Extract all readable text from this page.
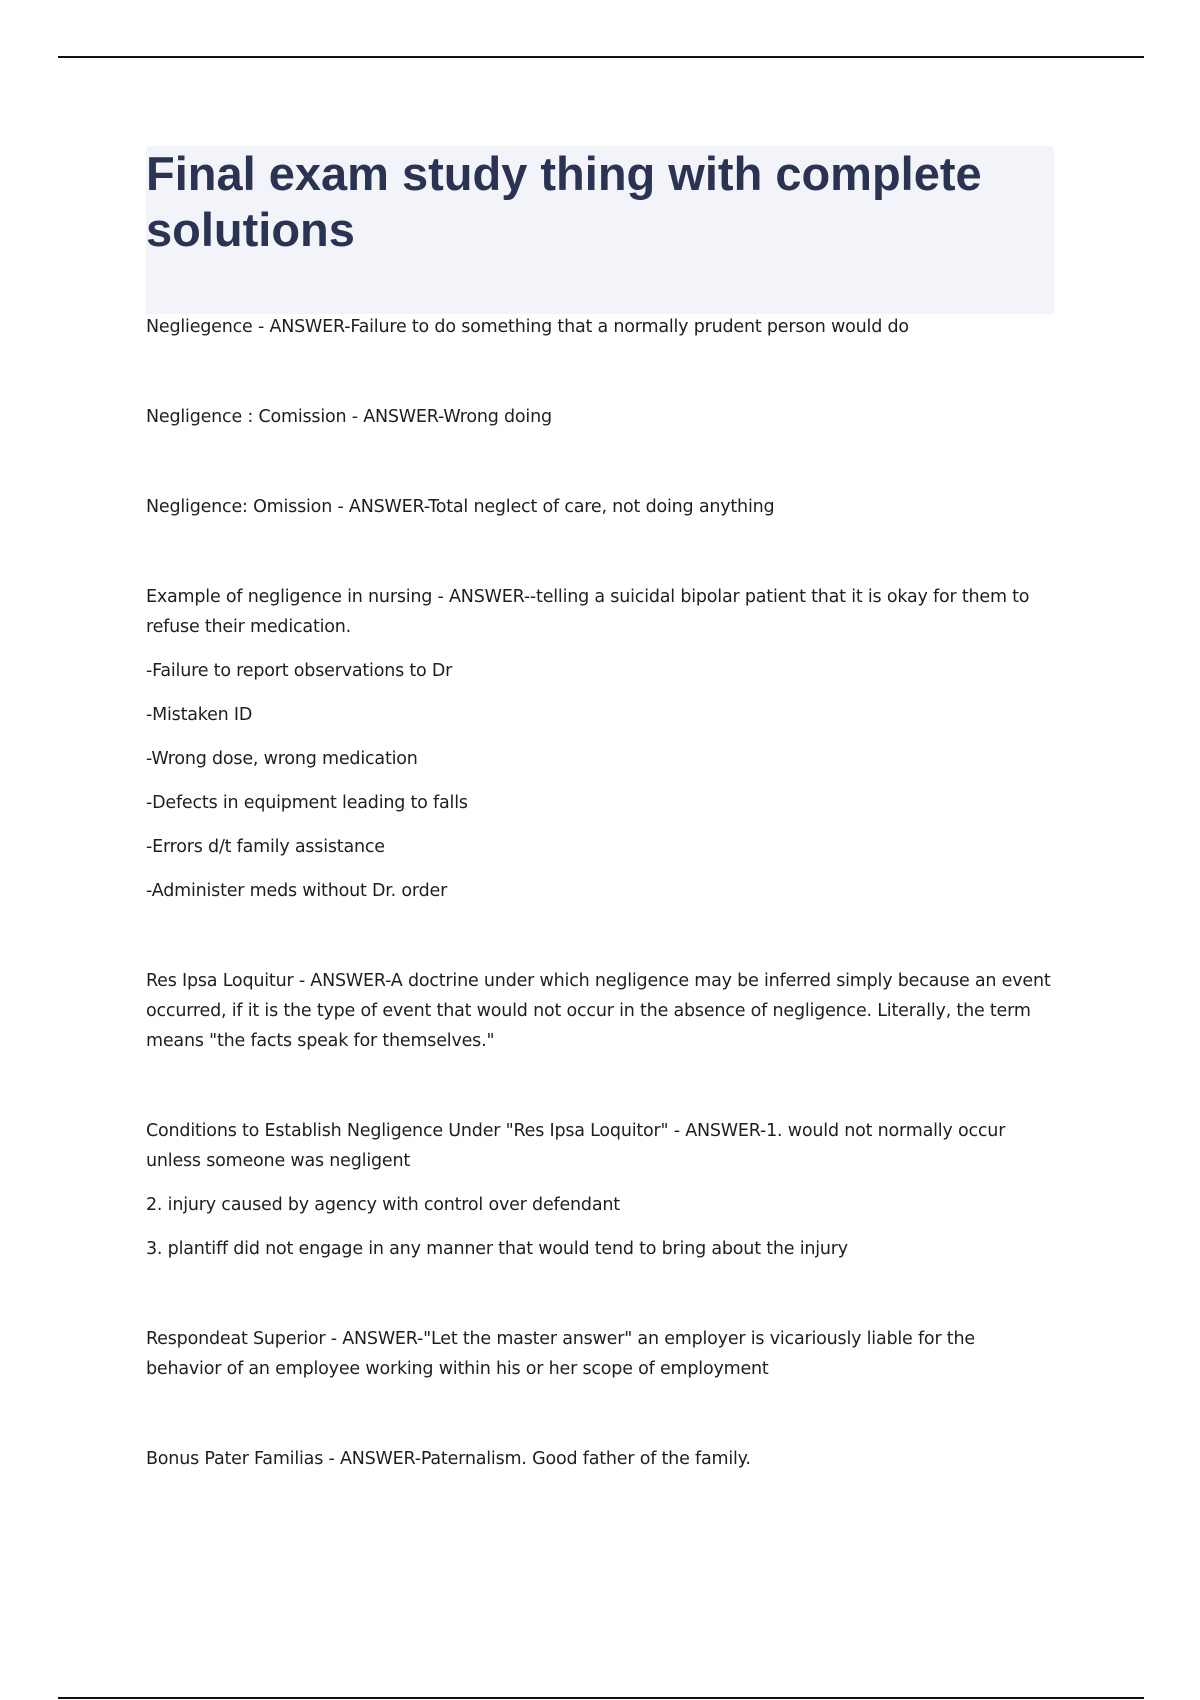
Final exam study thing with complete solutions
Negliegence - ANSWER-Failure to do something that a normally prudent person would do
Negligence : Comission - ANSWER-Wrong doing
Negligence: Omission - ANSWER-Total neglect of care, not doing anything
Example of negligence in nursing - ANSWER--telling a suicidal bipolar patient that it is okay for them to refuse their medication.
-Failure to report observations to Dr
-Mistaken ID
-Wrong dose, wrong medication
-Defects in equipment leading to falls
-Errors d/t family assistance
-Administer meds without Dr. order
Res Ipsa Loquitur - ANSWER-A doctrine under which negligence may be inferred simply because an event occurred, if it is the type of event that would not occur in the absence of negligence. Literally, the term means "the facts speak for themselves."
Conditions to Establish Negligence Under "Res Ipsa Loquitor" - ANSWER-1. would not normally occur unless someone was negligent
2. injury caused by agency with control over defendant
3. plantiff did not engage in any manner that would tend to bring about the injury
Respondeat Superior - ANSWER-"Let the master answer" an employer is vicariously liable for the behavior of an employee working within his or her scope of employment
Bonus Pater Familias - ANSWER-Paternalism. Good father of the family.
